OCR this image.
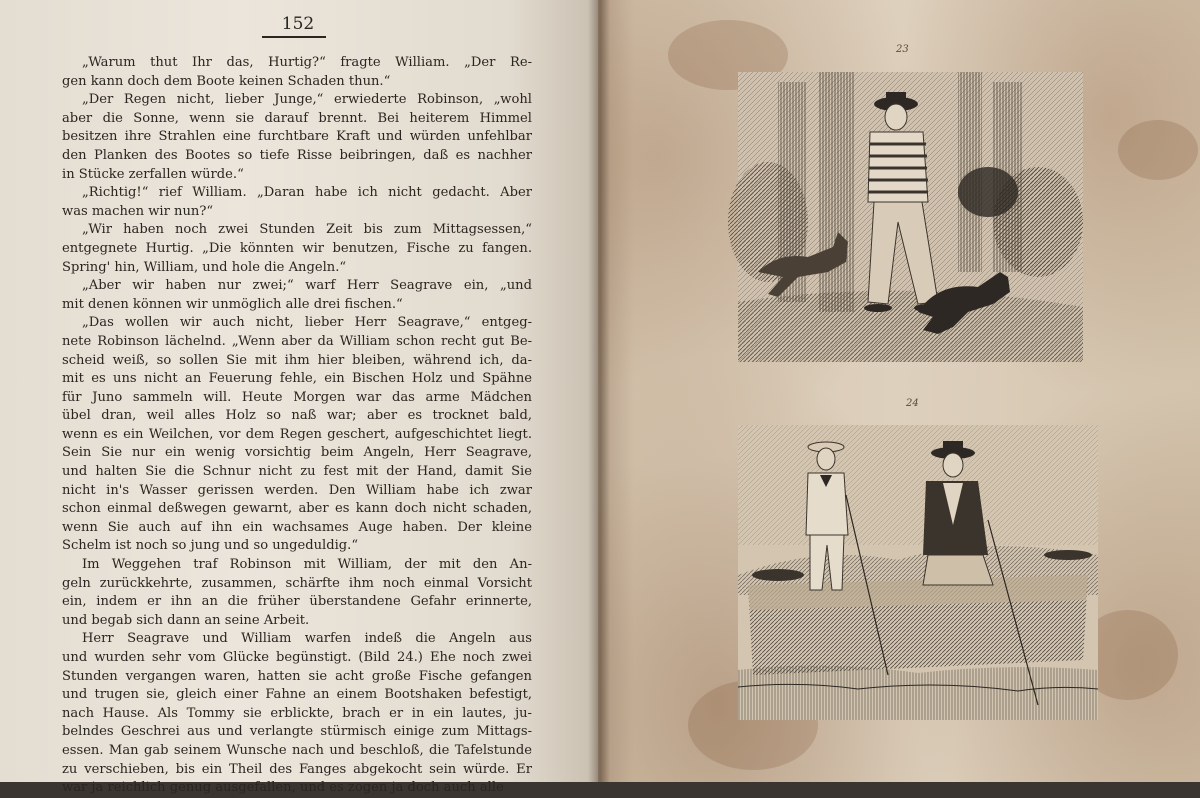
152
„Warum thut Ihr das, Hurtig?“ fragte William. „Der Re-
gen kann doch dem Boote keinen Schaden thun.“
„Der Regen nicht, lieber Junge,“ erwiederte Robinson, „wohl
aber die Sonne, wenn sie darauf brennt. Bei heiterem Himmel
besitzen ihre Strahlen eine furchtbare Kraft und würden unfehlbar
den Planken des Bootes so tiefe Risse beibringen, daß es nachher
in Stücke zerfallen würde.“
„Richtig!“ rief William. „Daran habe ich nicht gedacht. Aber
was machen wir nun?“
„Wir haben noch zwei Stunden Zeit bis zum Mittagsessen,“
entgegnete Hurtig. „Die könnten wir benutzen, Fische zu fangen.
Spring' hin, William, und hole die Angeln.“
„Aber wir haben nur zwei;“ warf Herr Seagrave ein, „und
mit denen können wir unmöglich alle drei fischen.“
„Das wollen wir auch nicht, lieber Herr Seagrave,“ entgeg-
nete Robinson lächelnd. „Wenn aber da William schon recht gut Be-
scheid weiß, so sollen Sie mit ihm hier bleiben, während ich, da-
mit es uns nicht an Feuerung fehle, ein Bischen Holz und Spähne
für Juno sammeln will. Heute Morgen war das arme Mädchen
übel dran, weil alles Holz so naß war; aber es trocknet bald,
wenn es ein Weilchen, vor dem Regen geschert, aufgeschichtet liegt.
Sein Sie nur ein wenig vorsichtig beim Angeln, Herr Seagrave,
und halten Sie die Schnur nicht zu fest mit der Hand, damit Sie
nicht in's Wasser gerissen werden. Den William habe ich zwar
schon einmal deßwegen gewarnt, aber es kann doch nicht schaden,
wenn Sie auch auf ihn ein wachsames Auge haben. Der kleine
Schelm ist noch so jung und so ungeduldig.“
Im Weggehen traf Robinson mit William, der mit den An-
geln zurückkehrte, zusammen, schärfte ihm noch einmal Vorsicht
ein, indem er ihn an die früher überstandene Gefahr erinnerte,
und begab sich dann an seine Arbeit.
Herr Seagrave und William warfen indeß die Angeln aus
und wurden sehr vom Glücke begünstigt. (Bild 24.) Ehe noch zwei
Stunden vergangen waren, hatten sie acht große Fische gefangen
und trugen sie, gleich einer Fahne an einem Bootshaken befestigt,
nach Hause. Als Tommy sie erblickte, brach er in ein lautes, ju-
belndes Geschrei aus und verlangte stürmisch einige zum Mittags-
essen. Man gab seinem Wunsche nach und beschloß, die Tafelstunde
zu verschieben, bis ein Theil des Fanges abgekocht sein würde. Er
war ja reichlich genug ausgefallen, und es zogen ja doch auch alle
23
24
